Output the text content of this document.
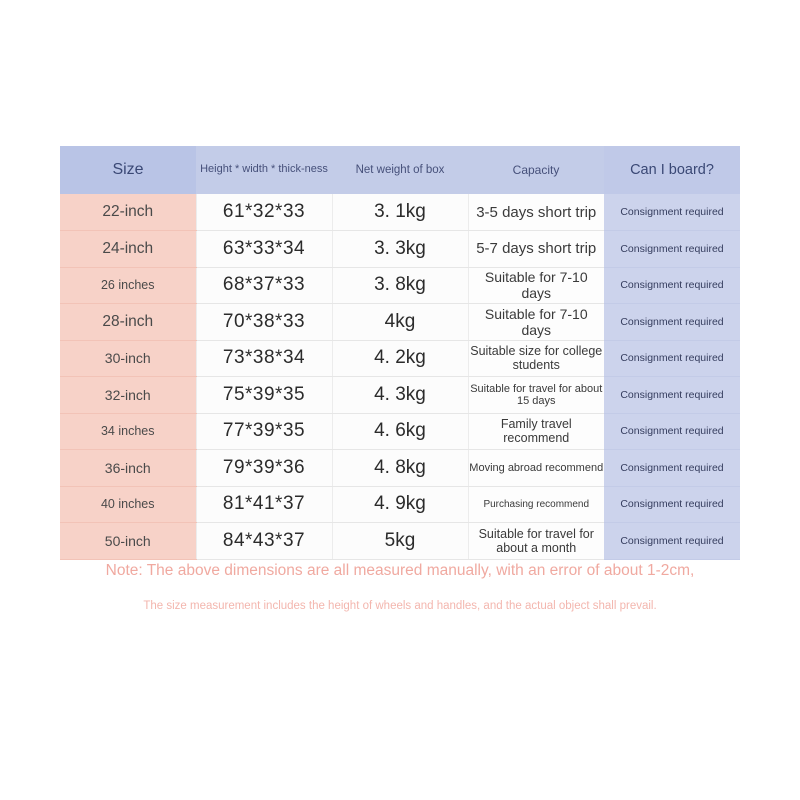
Size	Height * width * thick-ness	Net weight of box	Capacity	Can I board?
22-inch	61*32*33	3. 1kg	3-5 days short trip	Consignment required
24-inch	63*33*34	3. 3kg	5-7 days short trip	Consignment required
26 inches	68*37*33	3. 8kg	Suitable for 7-10 days	Consignment required
28-inch	70*38*33	4kg	Suitable for 7-10 days	Consignment required
30-inch	73*38*34	4. 2kg	Suitable size for college students	Consignment required
32-inch	75*39*35	4. 3kg	Suitable for travel for about 15 days	Consignment required
34 inches	77*39*35	4. 6kg	Family travel recommend	Consignment required
36-inch	79*39*36	4. 8kg	Moving abroad recommend	Consignment required
40 inches	81*41*37	4. 9kg	Purchasing recommend	Consignment required
50-inch	84*43*37	5kg	Suitable for travel for about a month	Consignment required
Note: The above dimensions are all measured manually, with an error of about 1-2cm,
The size measurement includes the height of wheels and handles, and the actual object shall prevail.
